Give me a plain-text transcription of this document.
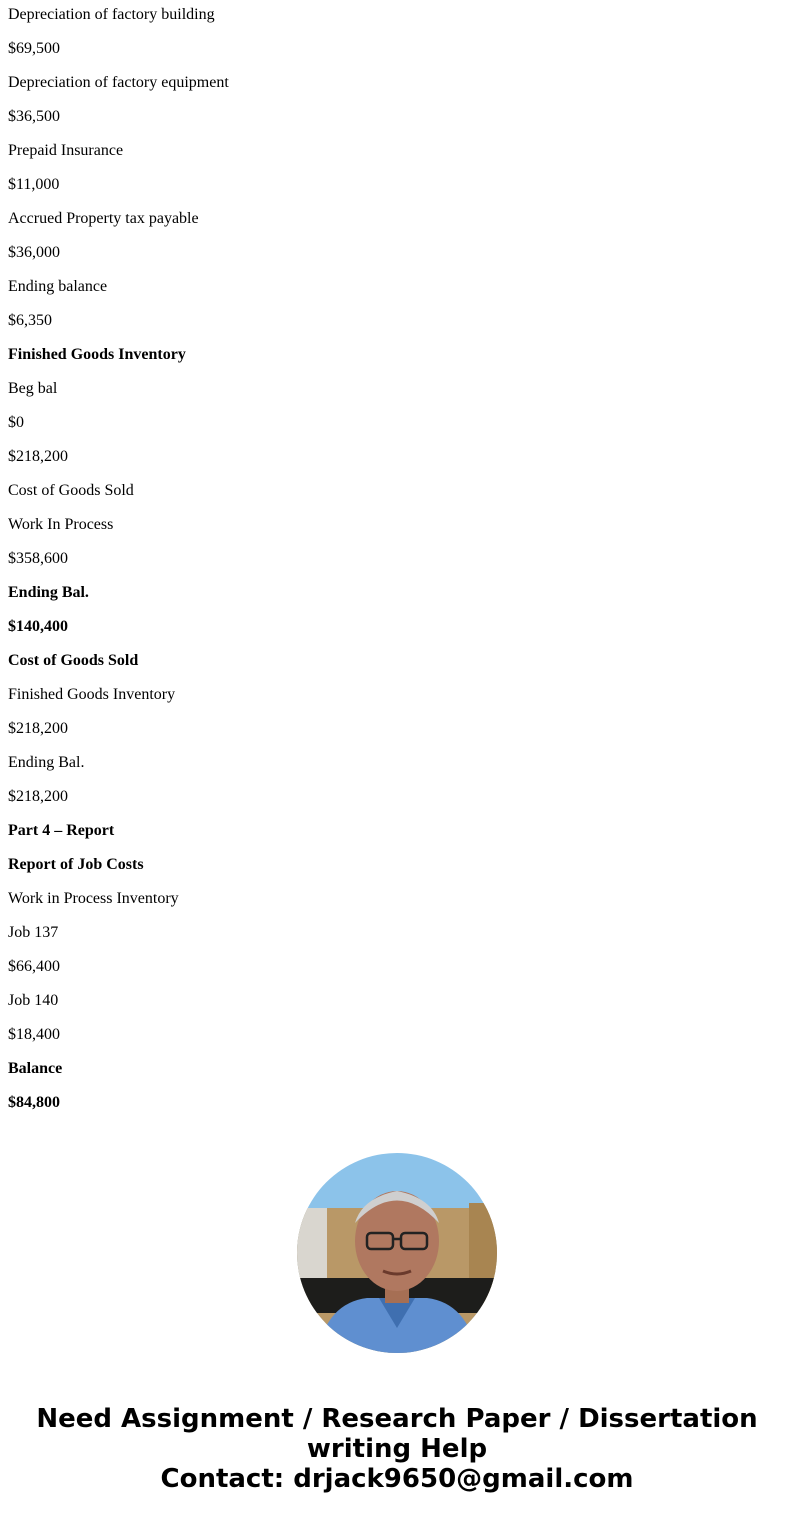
Depreciation of factory building

$69,500

Depreciation of factory equipment

$36,500

Prepaid Insurance

$11,000

Accrued Property tax payable

$36,000

Ending balance

$6,350

Finished Goods Inventory

Beg bal

$0

$218,200

Cost of Goods Sold

Work In Process

$358,600

Ending Bal.

$140,400

Cost of Goods Sold

Finished Goods Inventory

$218,200

Ending Bal.

$218,200

Part 4 – Report

Report of Job Costs

Work in Process Inventory

Job 137

$66,400

Job 140

$18,400

Balance

$84,800

Need Assignment / Research Paper / Dissertation
writing Help
Contact: drjack9650@gmail.com
